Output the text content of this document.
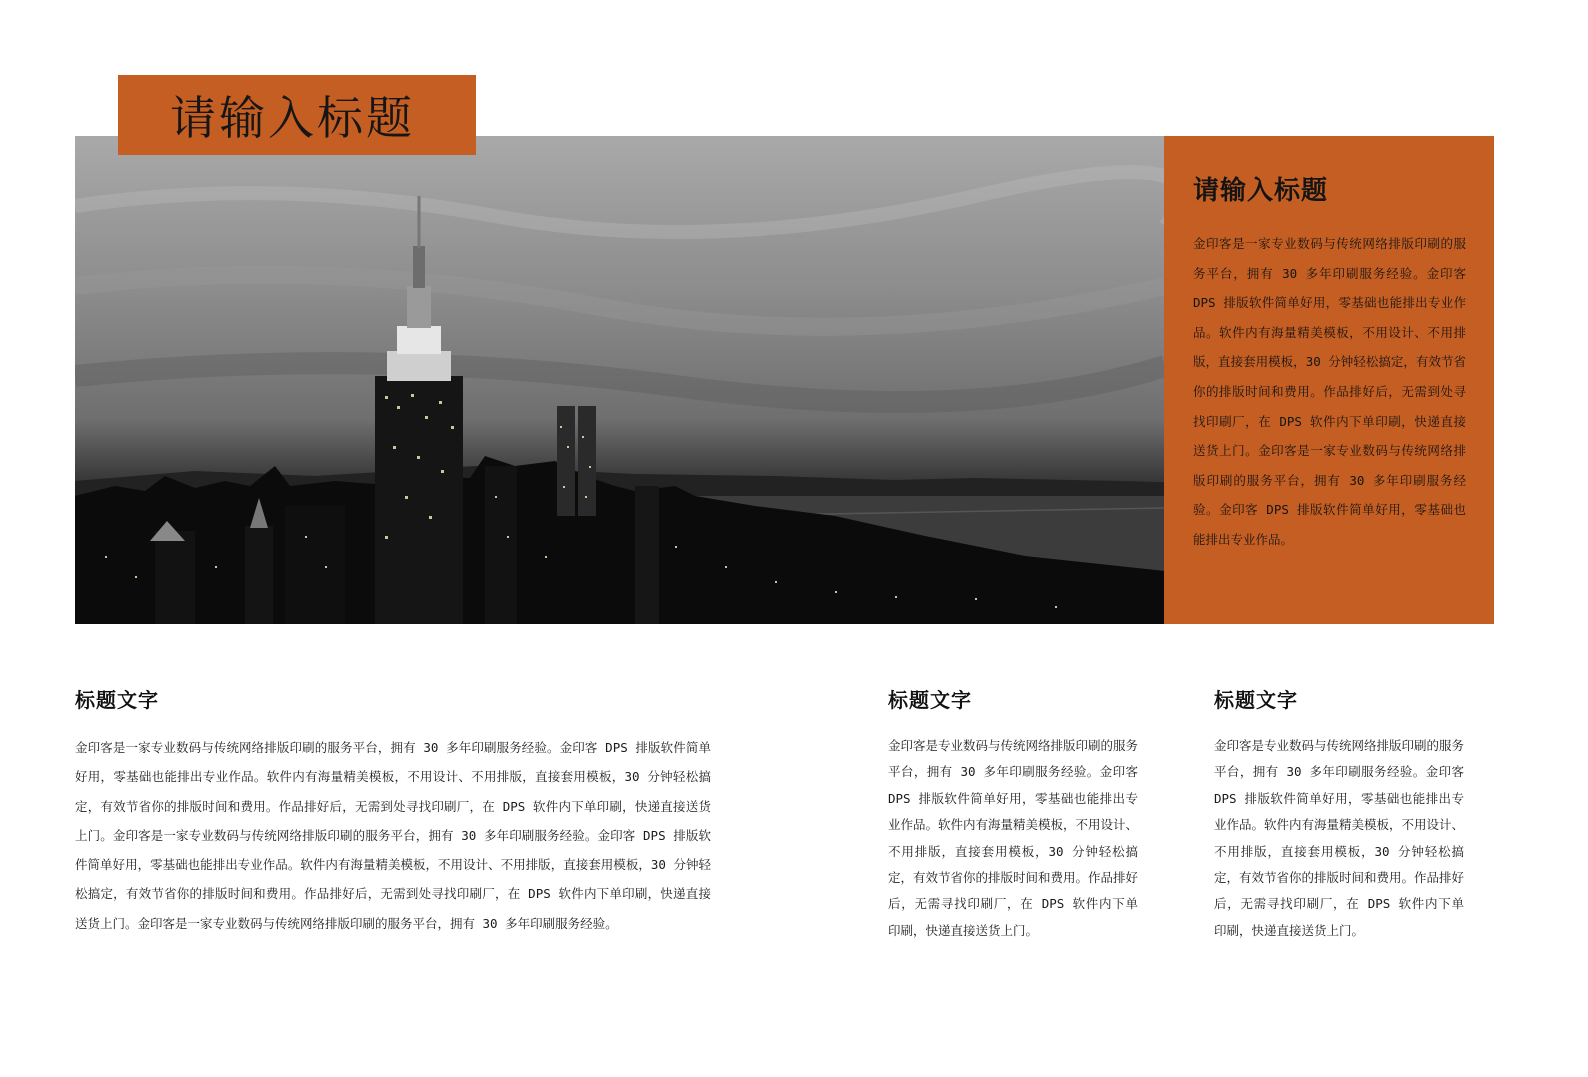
请输入标题
请输入标题

金印客是一家专业数码与传统网络排版印刷的服务平台，拥有 30 多年印刷服务经验。金印客 DPS 排版软件简单好用，零基础也能排出专业作品。软件内有海量精美模板，不用设计、不用排版，直接套用模板，30 分钟轻松搞定，有效节省你的排版时间和费用。作品排好后，无需到处寻找印刷厂，在 DPS 软件内下单印刷，快递直接送货上门。金印客是一家专业数码与传统网络排版印刷的服务平台，拥有 30 多年印刷服务经验。金印客 DPS 排版软件简单好用，零基础也能排出专业作品。

标题文字

金印客是一家专业数码与传统网络排版印刷的服务平台，拥有 30 多年印刷服务经验。金印客 DPS 排版软件简单好用，零基础也能排出专业作品。软件内有海量精美模板，不用设计、不用排版，直接套用模板，30 分钟轻松搞定，有效节省你的排版时间和费用。作品排好后，无需到处寻找印刷厂，在 DPS 软件内下单印刷，快递直接送货上门。金印客是一家专业数码与传统网络排版印刷的服务平台，拥有 30 多年印刷服务经验。金印客 DPS 排版软件简单好用，零基础也能排出专业作品。软件内有海量精美模板，不用设计、不用排版，直接套用模板，30 分钟轻松搞定，有效节省你的排版时间和费用。作品排好后，无需到处寻找印刷厂，在 DPS 软件内下单印刷，快递直接送货上门。金印客是一家专业数码与传统网络排版印刷的服务平台，拥有 30 多年印刷服务经验。

标题文字

金印客是专业数码与传统网络排版印刷的服务平台，拥有 30 多年印刷服务经验。金印客 DPS 排版软件简单好用，零基础也能排出专业作品。软件内有海量精美模板，不用设计、不用排版，直接套用模板，30 分钟轻松搞定，有效节省你的排版时间和费用。作品排好后，无需寻找印刷厂，在 DPS 软件内下单印刷，快递直接送货上门。

标题文字

金印客是专业数码与传统网络排版印刷的服务平台，拥有 30 多年印刷服务经验。金印客 DPS 排版软件简单好用，零基础也能排出专业作品。软件内有海量精美模板，不用设计、不用排版，直接套用模板，30 分钟轻松搞定，有效节省你的排版时间和费用。作品排好后，无需寻找印刷厂，在 DPS 软件内下单印刷，快递直接送货上门。
